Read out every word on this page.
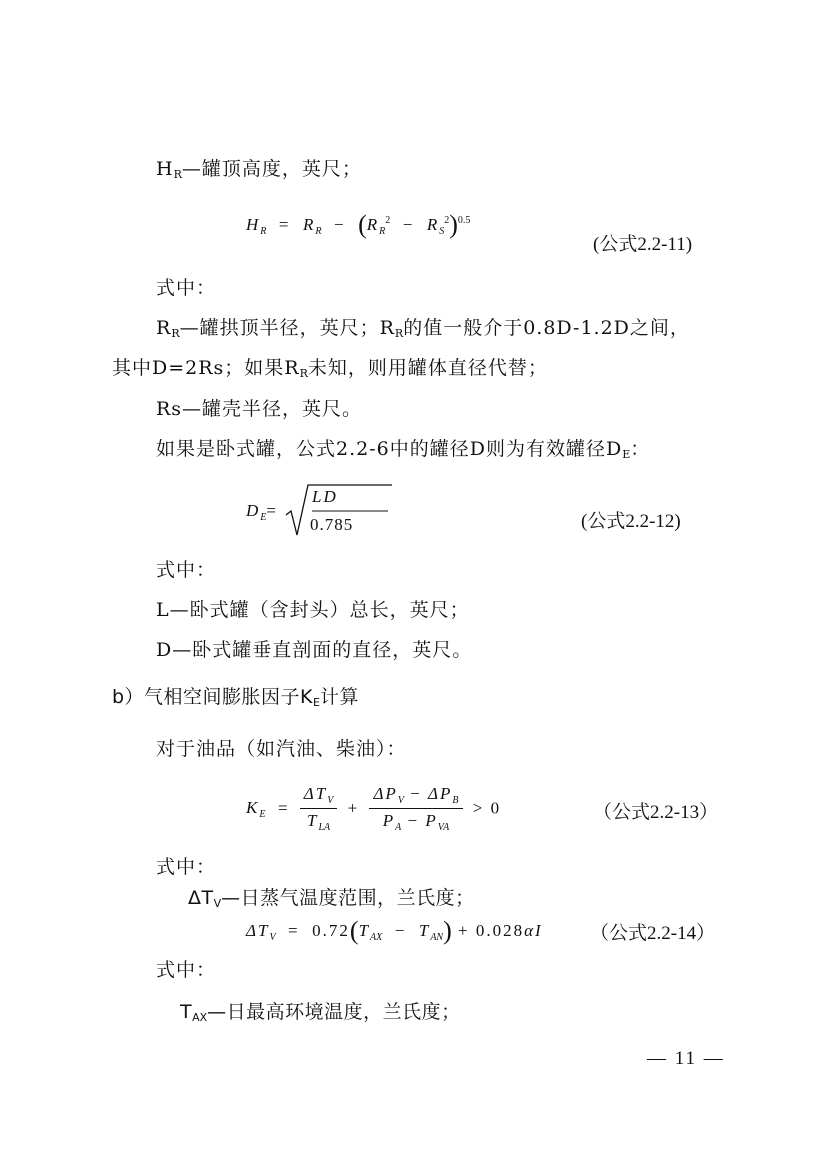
$H_R—$罐顶高度，英尺；
$H_R = R_R - (R_R^2 - R_S^2)^{0.5}$
(公式2.2-11)
式中：
$R_R—$罐拱顶半径，英尺；$R_R$的值一般介于0.8D-1.2D之间，
其中D=2Rs；如果$R_R$未知，则用罐体直径代替；
Rs—罐壳半径，英尺。
如果是卧式罐，公式2.2-6中的罐径D则为有效罐径$D_E$：
$D_E=$
LD
0.785	(公式2.2-12)
式中：
L—卧式罐（含封头）总长，英尺；
D—卧式罐垂直剖面的直径，英尺。
b）气相空间膨胀因子$K_E$计算
对于油品（如汽油、柴油）：
$K_E = \frac{\Delta T_V}{T_{LA}} + \frac{\Delta P_V - \Delta P_B}{P_A - P_{VA}} > 0$	（公式2.2-13）
式中：
$\Delta T_V—$日蒸气温度范围，兰氏度；
$\Delta T_V = 0.72(T_{AX} - T_{AN}) + 0.028\alpha I$ （公式2.2-14）
式中：
$T_{AX}—$日最高环境温度，兰氏度；
— 11 —
